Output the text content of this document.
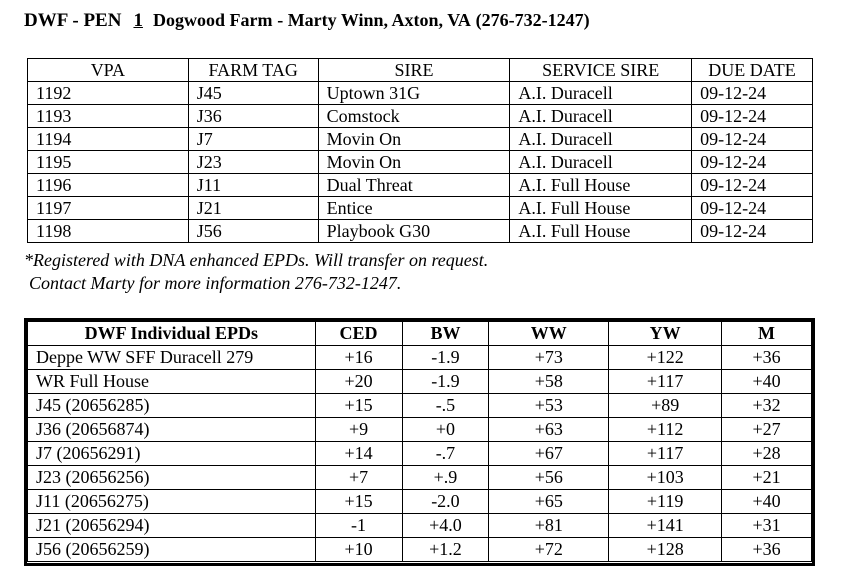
DWF - PEN 1 Dogwood Farm - Marty Winn, Axton, VA (276-732-1247)
VPA	FARM TAG	SIRE	SERVICE SIRE	DUE DATE
1192	J45	Uptown 31G	A.I. Duracell	09-12-24
1193	J36	Comstock	A.I. Duracell	09-12-24
1194	J7	Movin On	A.I. Duracell	09-12-24
1195	J23	Movin On	A.I. Duracell	09-12-24
1196	J11	Dual Threat	A.I. Full House	09-12-24
1197	J21	Entice	A.I. Full House	09-12-24
1198	J56	Playbook G30	A.I. Full House	09-12-24
*Registered with DNA enhanced EPDs. Will transfer on request.
Contact Marty for more information 276-732-1247.
DWF Individual EPDs	CED	BW	WW	YW	M
Deppe WW SFF Duracell 279	+16	-1.9	+73	+122	+36
WR Full House	+20	-1.9	+58	+117	+40
J45 (20656285)	+15	-.5	+53	+89	+32
J36 (20656874)	+9	+0	+63	+112	+27
J7 (20656291)	+14	-.7	+67	+117	+28
J23 (20656256)	+7	+.9	+56	+103	+21
J11 (20656275)	+15	-2.0	+65	+119	+40
J21 (20656294)	-1	+4.0	+81	+141	+31
J56 (20656259)	+10	+1.2	+72	+128	+36
